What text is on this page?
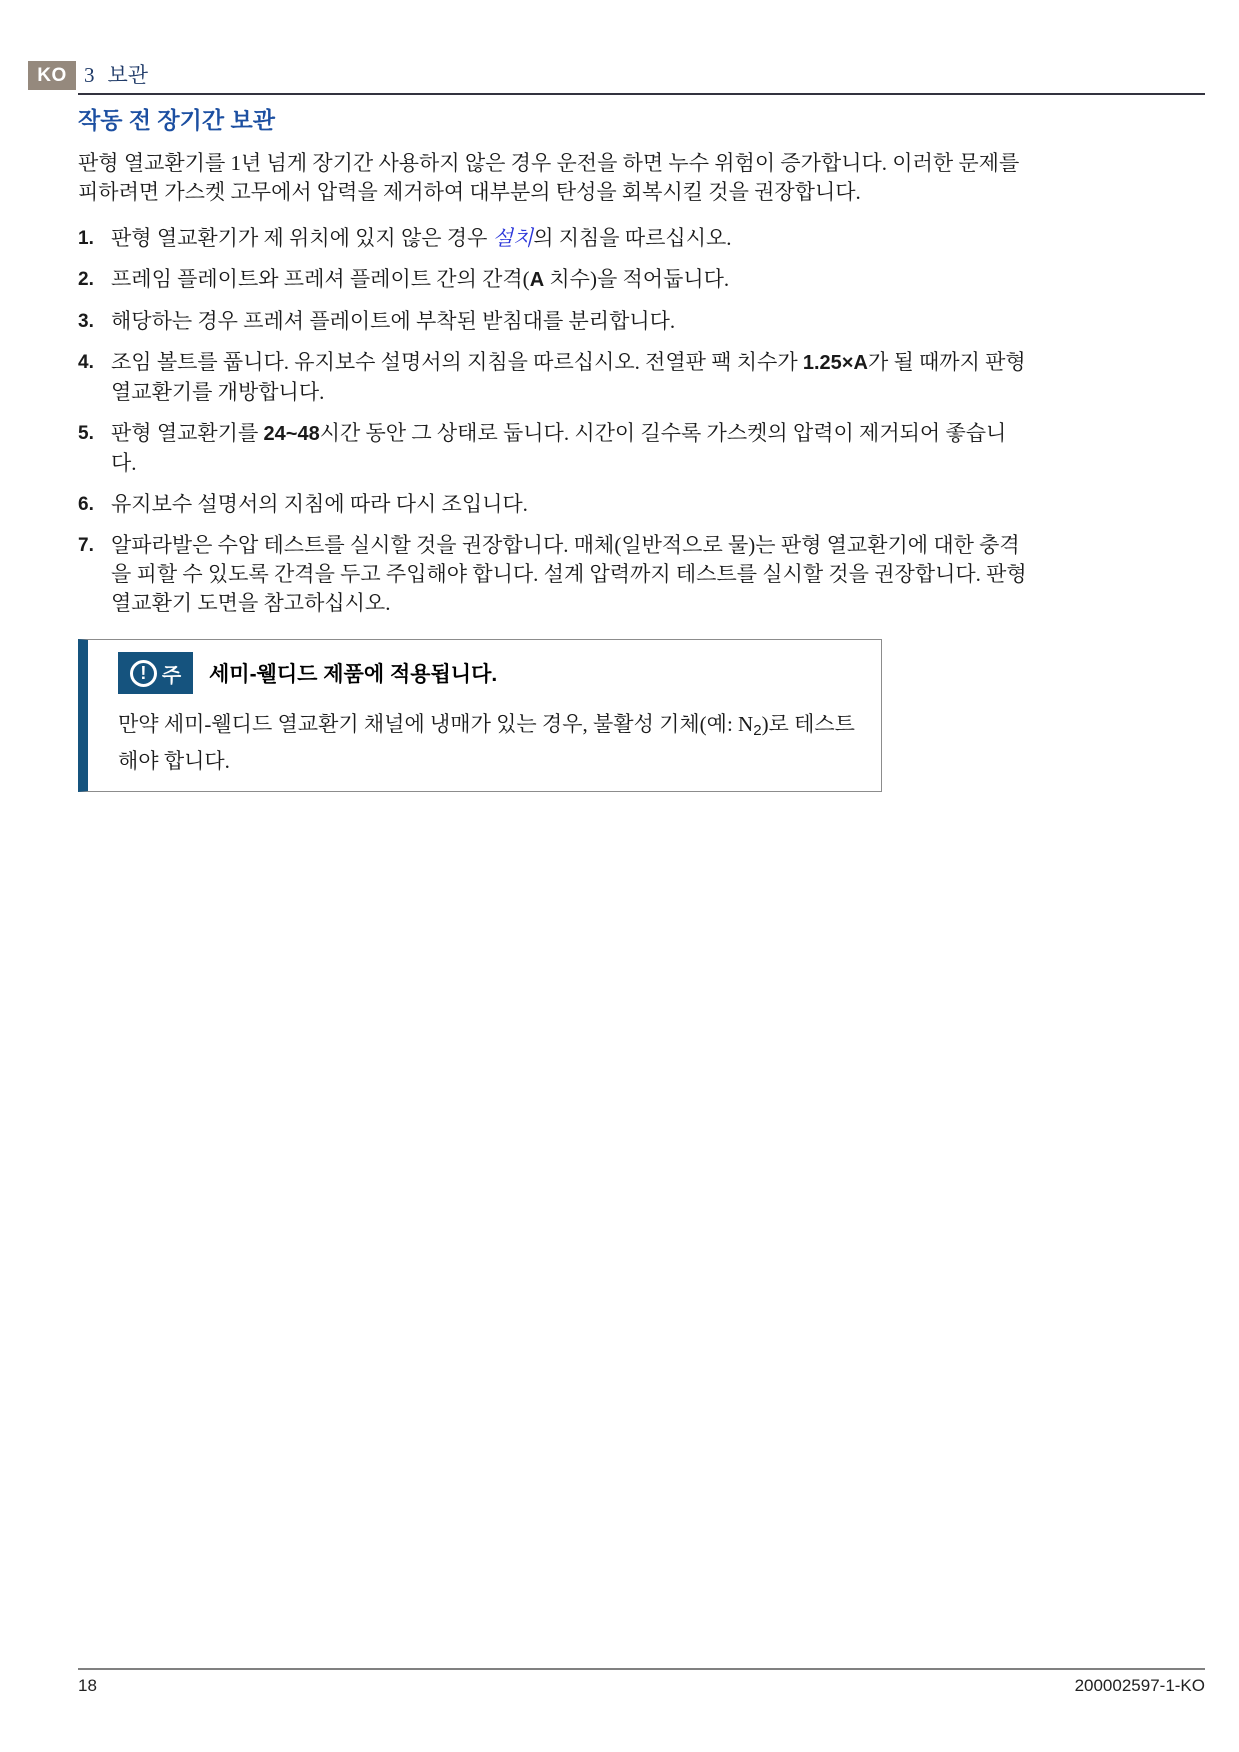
KO 3 보관
작동 전 장기간 보관

판형 열교환기를 1년 넘게 장기간 사용하지 않은 경우 운전을 하면 누수 위험이 증가합니다. 이러한 문제를 피하려면 가스켓 고무에서 압력을 제거하여 대부분의 탄성을 회복시킬 것을 권장합니다.

1. 판형 열교환기가 제 위치에 있지 않은 경우 설치의 지침을 따르십시오.
2. 프레임 플레이트와 프레셔 플레이트 간의 간격(A 치수)을 적어둡니다.
3. 해당하는 경우 프레셔 플레이트에 부착된 받침대를 분리합니다.
4. 조임 볼트를 풉니다. 유지보수 설명서의 지침을 따르십시오. 전열판 팩 치수가 1.25×A가 될 때까지 판형 열교환기를 개방합니다.
5. 판형 열교환기를 24~48시간 동안 그 상태로 둡니다. 시간이 길수록 가스켓의 압력이 제거되어 좋습니다.
6. 유지보수 설명서의 지침에 따라 다시 조입니다.
7. 알파라발은 수압 테스트를 실시할 것을 권장합니다. 매체(일반적으로 물)는 판형 열교환기에 대한 충격을 피할 수 있도록 간격을 두고 주입해야 합니다. 설계 압력까지 테스트를 실시할 것을 권장합니다. 판형 열교환기 도면을 참고하십시오.
! 주 세미-웰디드 제품에 적용됩니다.

만약 세미-웰디드 열교환기 채널에 냉매가 있는 경우, 불활성 기체(예: $N_2$)로 테스트해야 합니다.

18	200002597-1-KO
